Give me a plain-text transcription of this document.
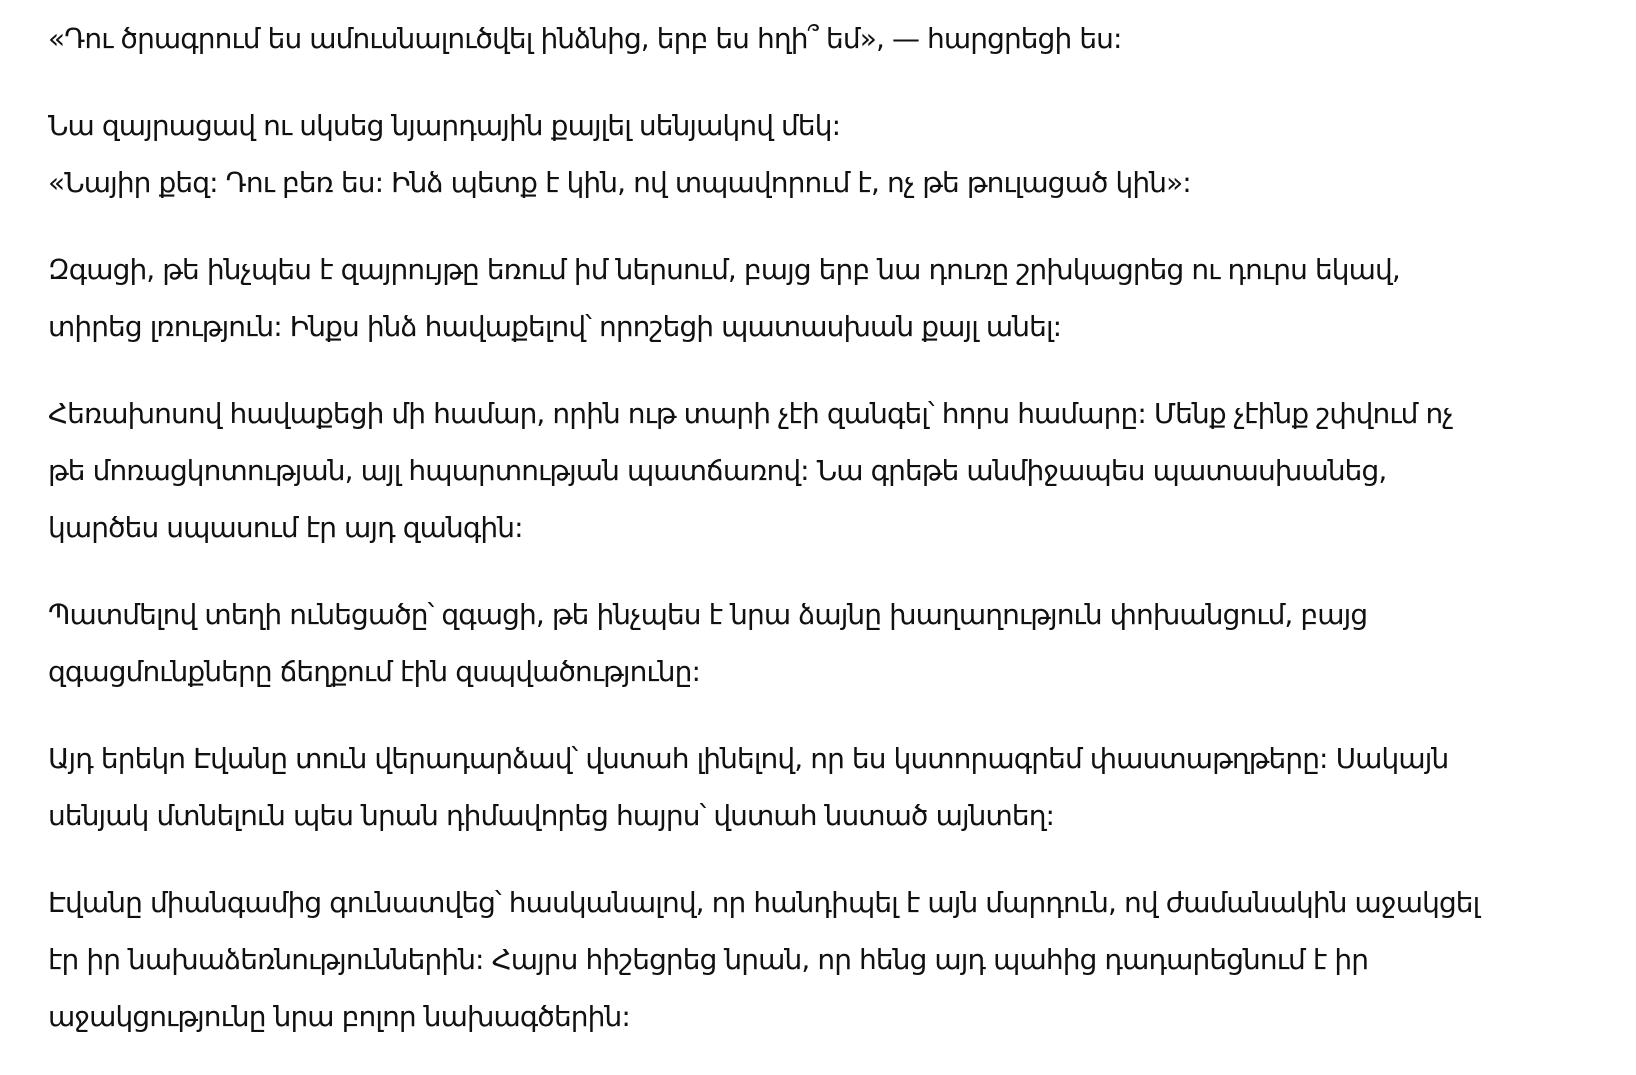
«Դու ծրագրում ես ամուսնալուծվել ինձնից, երբ ես հղի՞ եմ», — հարցրեցի ես:

Նա զայրացավ ու սկսեց նյարդային քայլել սենյակով մեկ:
«Նայիր քեզ: Դու բեռ ես: Ինձ պետք է կին, ով տպավորում է, ոչ թե թուլացած կին»:

Զգացի, թե ինչպես է զայրույթը եռում իմ ներսում, բայց երբ նա դուռը շրխկացրեց ու դուրս եկավ,
տիրեց լռություն: Ինքս ինձ հավաքելով՝ որոշեցի պատասխան քայլ անել:

Հեռախոսով հավաքեցի մի համար, որին ութ տարի չէի զանգել՝ հորս համարը: Մենք չէինք շփվում ոչ
թե մոռացկոտության, այլ հպարտության պատճառով: Նա գրեթե անմիջապես պատասխանեց,
կարծես սպասում էր այդ զանգին:

Պատմելով տեղի ունեցածը՝ զգացի, թե ինչպես է նրա ձայնը խաղաղություն փոխանցում, բայց
զգացմունքները ճեղքում էին զսպվածությունը:

Այդ երեկո Էվանը տուն վերադարձավ՝ վստահ լինելով, որ ես կստորագրեմ փաստաթղթերը: Սակայն
սենյակ մտնելուն պես նրան դիմավորեց հայրս՝ վստահ նստած այնտեղ:

Էվանը միանգամից գունատվեց՝ հասկանալով, որ հանդիպել է այն մարդուն, ով ժամանակին աջակցել
էր իր նախաձեռնություններին: Հայրս հիշեցրեց նրան, որ հենց այդ պահից դադարեցնում է իր
աջակցությունը նրա բոլոր նախագծերին:
